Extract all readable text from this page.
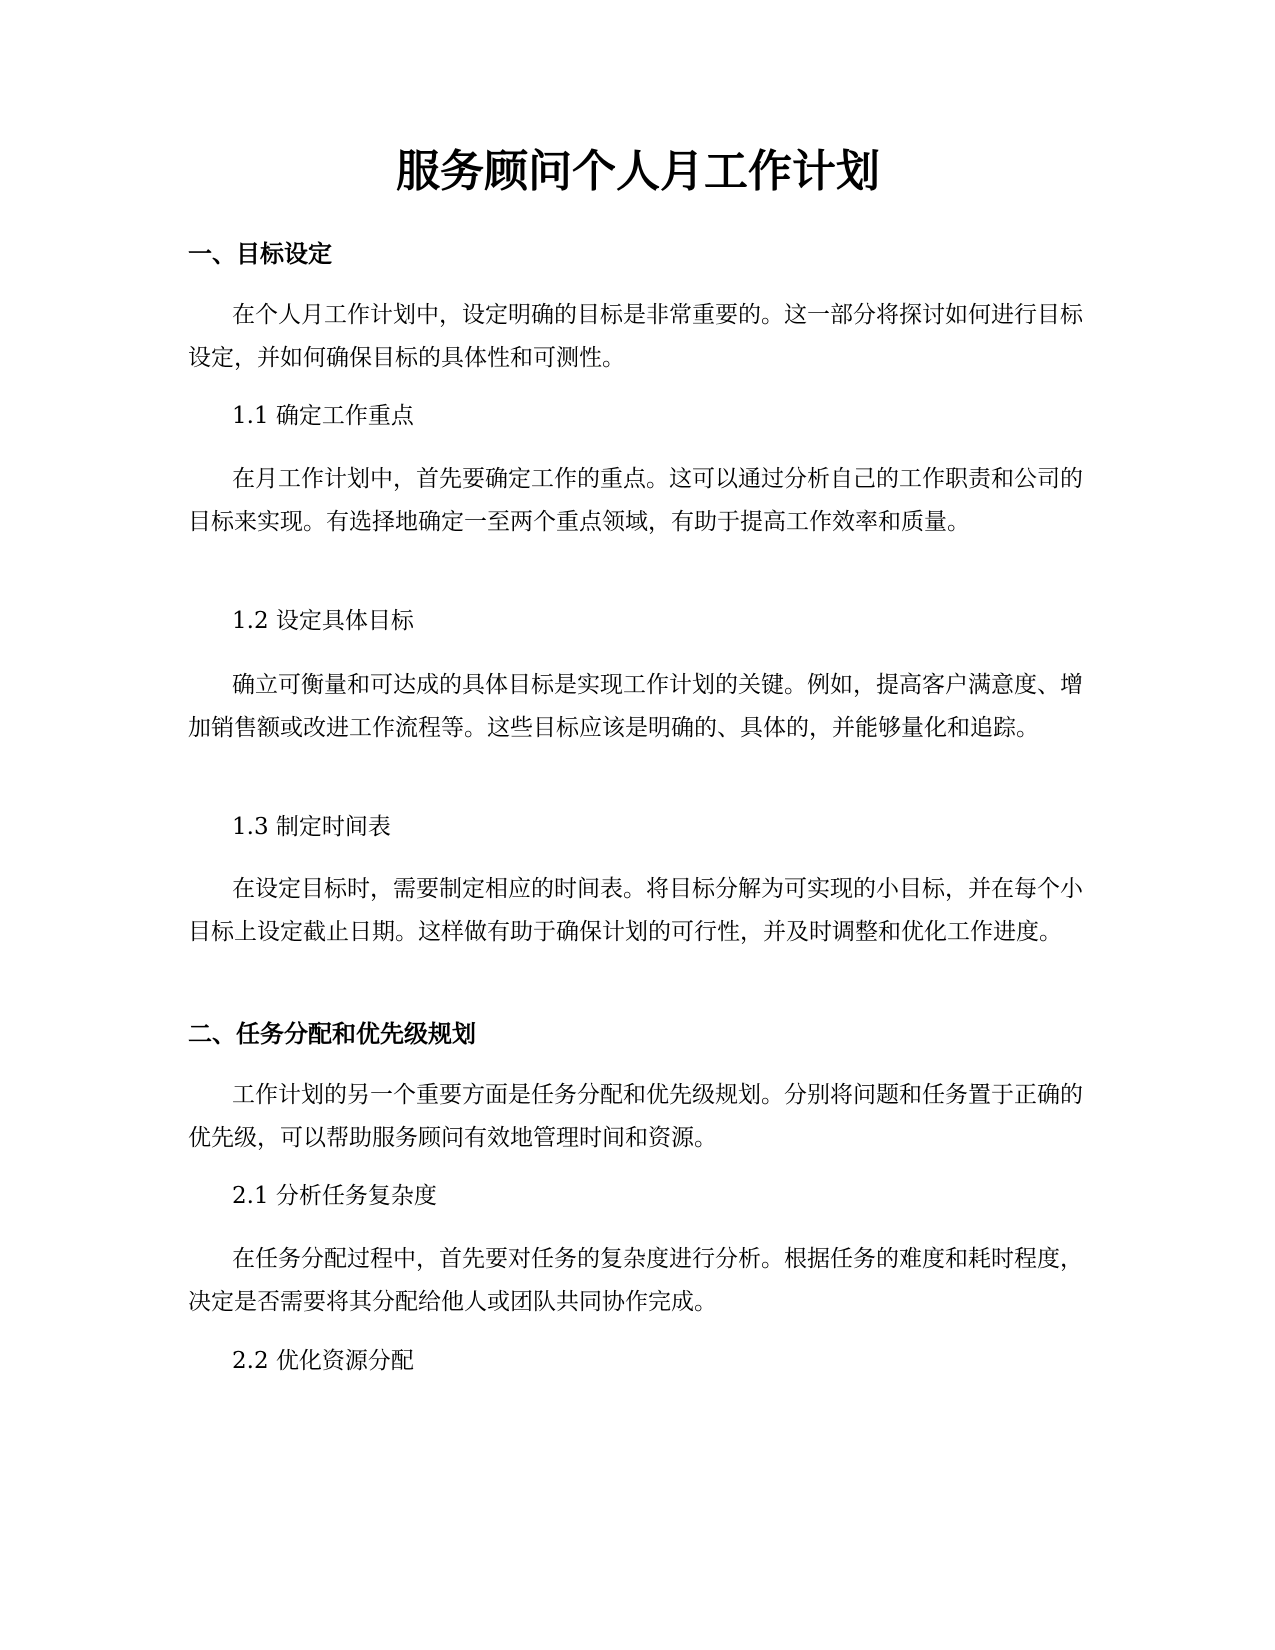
服务顾问个人月工作计划
一、目标设定

在个人月工作计划中，设定明确的目标是非常重要的。这一部分将探讨如何进行目标设定，并如何确保目标的具体性和可测性。

1.1 确定工作重点

在月工作计划中，首先要确定工作的重点。这可以通过分析自己的工作职责和公司的目标来实现。有选择地确定一至两个重点领域，有助于提高工作效率和质量。

1.2 设定具体目标

确立可衡量和可达成的具体目标是实现工作计划的关键。例如，提高客户满意度、增加销售额或改进工作流程等。这些目标应该是明确的、具体的，并能够量化和追踪。

1.3 制定时间表

在设定目标时，需要制定相应的时间表。将目标分解为可实现的小目标，并在每个小目标上设定截止日期。这样做有助于确保计划的可行性，并及时调整和优化工作进度。

二、任务分配和优先级规划

工作计划的另一个重要方面是任务分配和优先级规划。分别将问题和任务置于正确的优先级，可以帮助服务顾问有效地管理时间和资源。

2.1 分析任务复杂度

在任务分配过程中，首先要对任务的复杂度进行分析。根据任务的难度和耗时程度，决定是否需要将其分配给他人或团队共同协作完成。

2.2 优化资源分配
